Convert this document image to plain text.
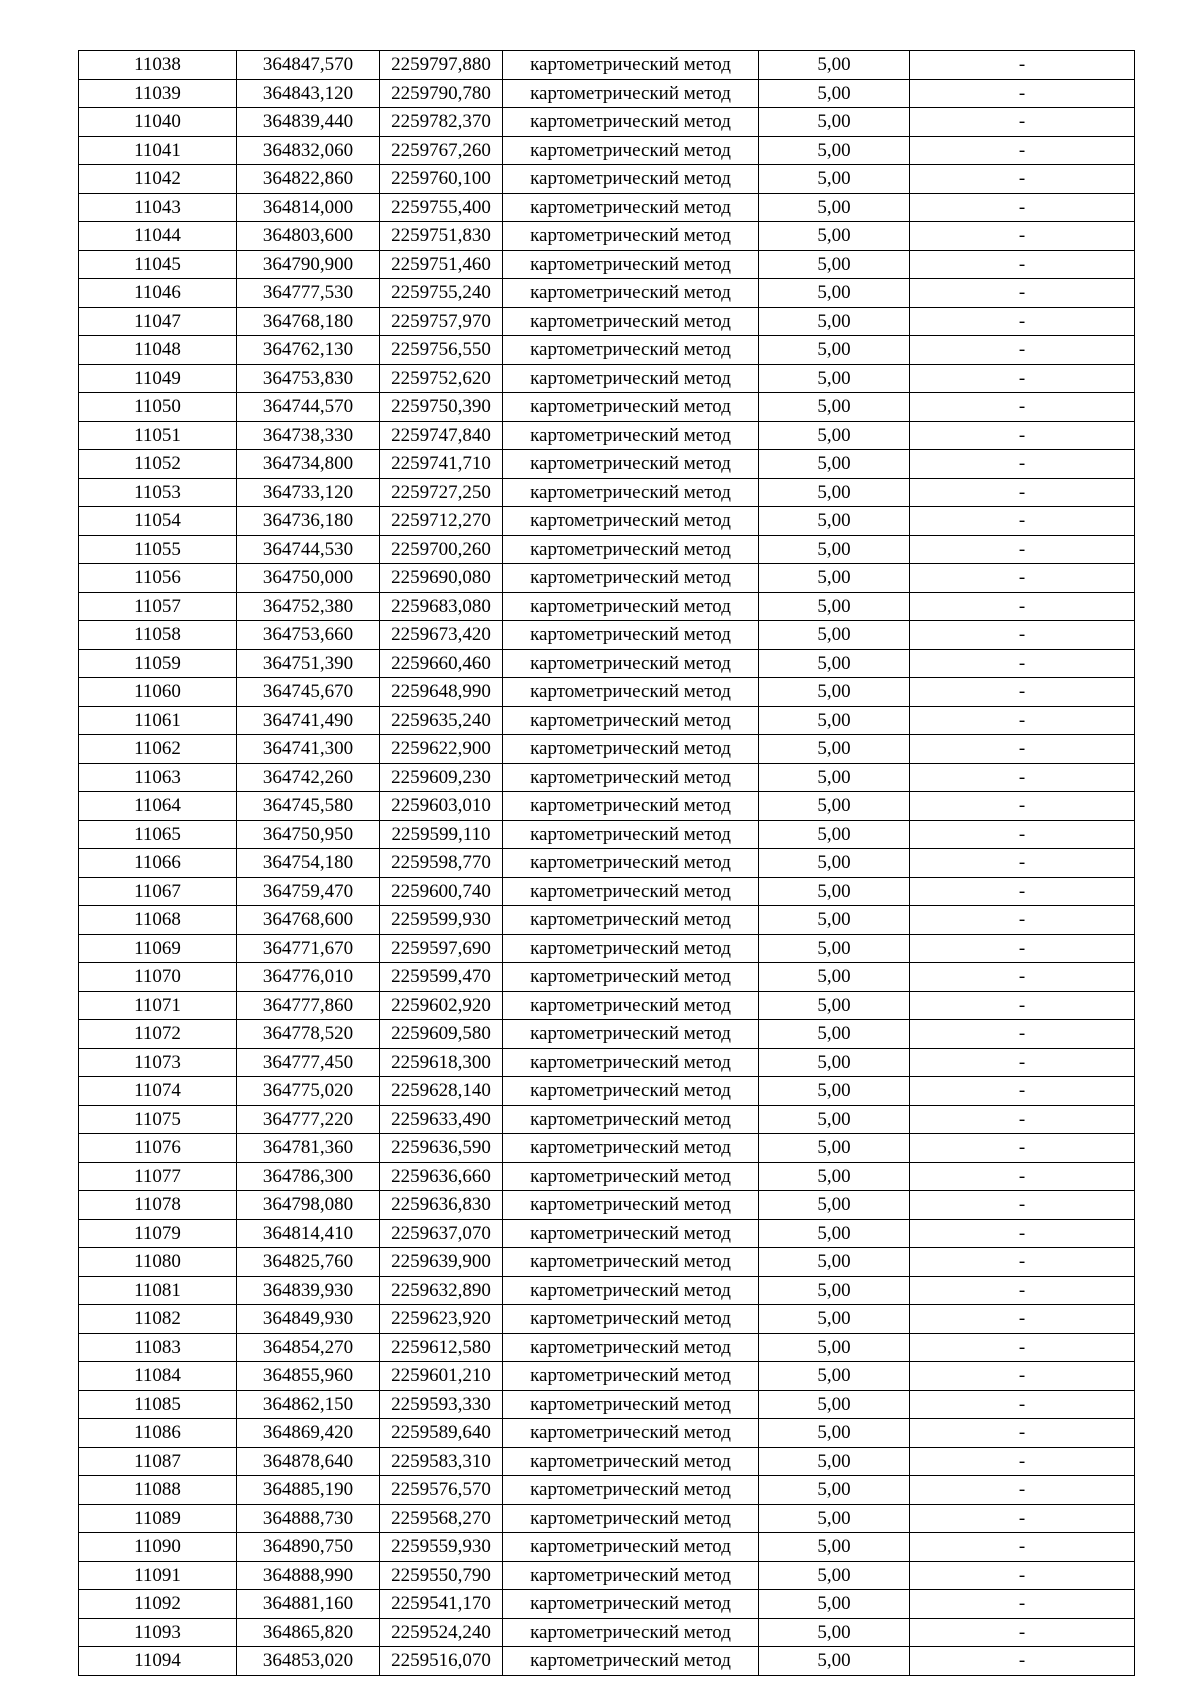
11038	364847,570	2259797,880	картометрический метод	5,00	-
11039	364843,120	2259790,780	картометрический метод	5,00	-
11040	364839,440	2259782,370	картометрический метод	5,00	-
11041	364832,060	2259767,260	картометрический метод	5,00	-
11042	364822,860	2259760,100	картометрический метод	5,00	-
11043	364814,000	2259755,400	картометрический метод	5,00	-
11044	364803,600	2259751,830	картометрический метод	5,00	-
11045	364790,900	2259751,460	картометрический метод	5,00	-
11046	364777,530	2259755,240	картометрический метод	5,00	-
11047	364768,180	2259757,970	картометрический метод	5,00	-
11048	364762,130	2259756,550	картометрический метод	5,00	-
11049	364753,830	2259752,620	картометрический метод	5,00	-
11050	364744,570	2259750,390	картометрический метод	5,00	-
11051	364738,330	2259747,840	картометрический метод	5,00	-
11052	364734,800	2259741,710	картометрический метод	5,00	-
11053	364733,120	2259727,250	картометрический метод	5,00	-
11054	364736,180	2259712,270	картометрический метод	5,00	-
11055	364744,530	2259700,260	картометрический метод	5,00	-
11056	364750,000	2259690,080	картометрический метод	5,00	-
11057	364752,380	2259683,080	картометрический метод	5,00	-
11058	364753,660	2259673,420	картометрический метод	5,00	-
11059	364751,390	2259660,460	картометрический метод	5,00	-
11060	364745,670	2259648,990	картометрический метод	5,00	-
11061	364741,490	2259635,240	картометрический метод	5,00	-
11062	364741,300	2259622,900	картометрический метод	5,00	-
11063	364742,260	2259609,230	картометрический метод	5,00	-
11064	364745,580	2259603,010	картометрический метод	5,00	-
11065	364750,950	2259599,110	картометрический метод	5,00	-
11066	364754,180	2259598,770	картометрический метод	5,00	-
11067	364759,470	2259600,740	картометрический метод	5,00	-
11068	364768,600	2259599,930	картометрический метод	5,00	-
11069	364771,670	2259597,690	картометрический метод	5,00	-
11070	364776,010	2259599,470	картометрический метод	5,00	-
11071	364777,860	2259602,920	картометрический метод	5,00	-
11072	364778,520	2259609,580	картометрический метод	5,00	-
11073	364777,450	2259618,300	картометрический метод	5,00	-
11074	364775,020	2259628,140	картометрический метод	5,00	-
11075	364777,220	2259633,490	картометрический метод	5,00	-
11076	364781,360	2259636,590	картометрический метод	5,00	-
11077	364786,300	2259636,660	картометрический метод	5,00	-
11078	364798,080	2259636,830	картометрический метод	5,00	-
11079	364814,410	2259637,070	картометрический метод	5,00	-
11080	364825,760	2259639,900	картометрический метод	5,00	-
11081	364839,930	2259632,890	картометрический метод	5,00	-
11082	364849,930	2259623,920	картометрический метод	5,00	-
11083	364854,270	2259612,580	картометрический метод	5,00	-
11084	364855,960	2259601,210	картометрический метод	5,00	-
11085	364862,150	2259593,330	картометрический метод	5,00	-
11086	364869,420	2259589,640	картометрический метод	5,00	-
11087	364878,640	2259583,310	картометрический метод	5,00	-
11088	364885,190	2259576,570	картометрический метод	5,00	-
11089	364888,730	2259568,270	картометрический метод	5,00	-
11090	364890,750	2259559,930	картометрический метод	5,00	-
11091	364888,990	2259550,790	картометрический метод	5,00	-
11092	364881,160	2259541,170	картометрический метод	5,00	-
11093	364865,820	2259524,240	картометрический метод	5,00	-
11094	364853,020	2259516,070	картометрический метод	5,00	-
